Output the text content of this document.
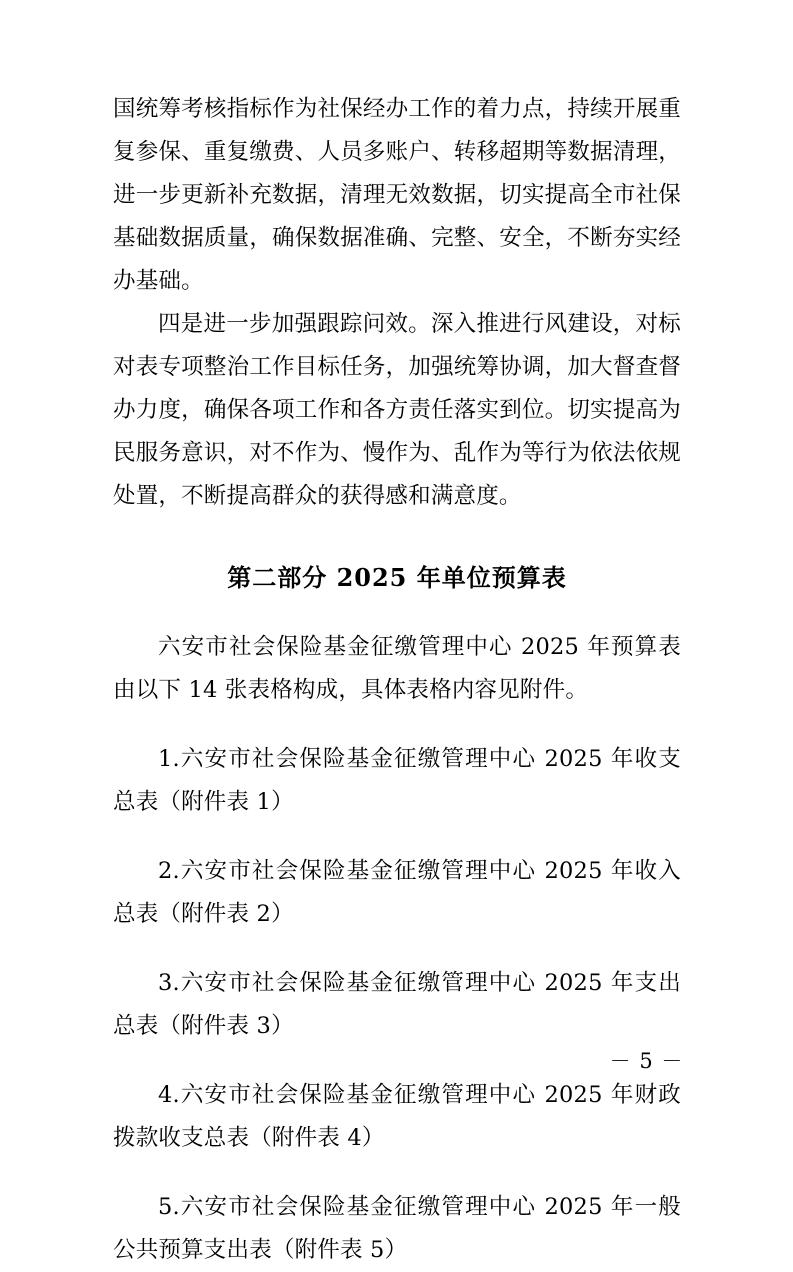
国统筹考核指标作为社保经办工作的着力点，持续开展重复参保、重复缴费、人员多账户、转移超期等数据清理，进一步更新补充数据，清理无效数据，切实提高全市社保基础数据质量，确保数据准确、完整、安全，不断夯实经办基础。

四是进一步加强跟踪问效。深入推进行风建设，对标对表专项整治工作目标任务，加强统筹协调，加大督查督办力度，确保各项工作和各方责任落实到位。切实提高为民服务意识，对不作为、慢作为、乱作为等行为依法依规处置，不断提高群众的获得感和满意度。

第二部分 2025 年单位预算表

六安市社会保险基金征缴管理中心 2025 年预算表由以下 14 张表格构成，具体表格内容见附件。

1.六安市社会保险基金征缴管理中心 2025 年收支总表（附件表 1）

2.六安市社会保险基金征缴管理中心 2025 年收入总表（附件表 2）

3.六安市社会保险基金征缴管理中心 2025 年支出总表（附件表 3）

4.六安市社会保险基金征缴管理中心 2025 年财政拨款收支总表（附件表 4）

5.六安市社会保险基金征缴管理中心 2025 年一般公共预算支出表（附件表 5）

－ 5 －
